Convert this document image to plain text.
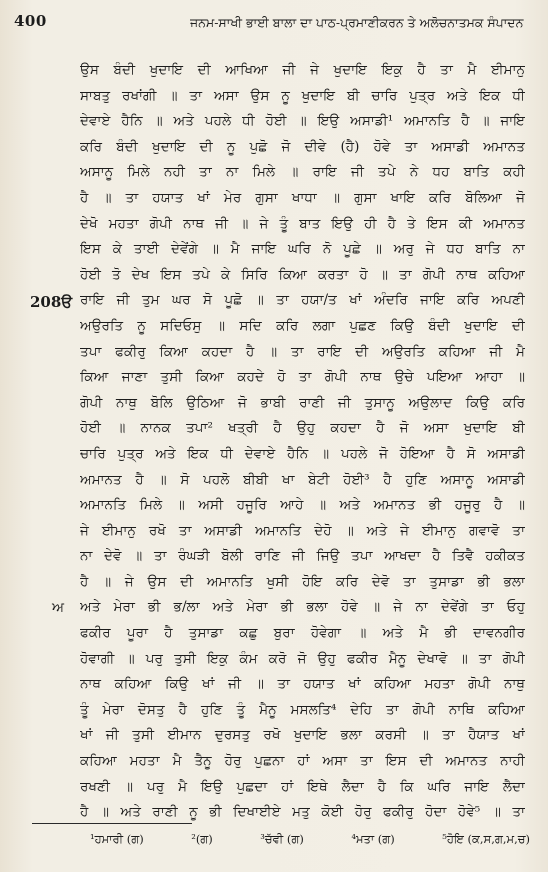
400	ਜਨਮ-ਸਾਖੀ ਭਾਈ ਬਾਲਾ ਦਾ ਪਾਠ-ਪ੍ਰਮਾਣੀਕਰਨ ਤੇ ਅਲੋਚਨਾਤਮਕ ਸੰਪਾਦਨ
208ੳ
ਅ
ਉਸ ਬੰਦੀ ਖੁਦਾਇ ਦੀ ਆਖਿਆ ਜੀ ਜੇ ਖੁਦਾਇ ਇਕੁ ਹੈ ਤਾ ਮੈ ਈਮਾਨੁ
ਸਾਬਤੁ ਰਖਾਂਗੀ ॥ ਤਾ ਅਸਾ ਉਸ ਨੂ ਖੁਦਾਇ ਬੀ ਚਾਰਿ ਪੁਤ੍ਰ ਅਤੇ ਇਕ ਧੀ
ਦੇਵਾਏ ਹੈਨਿ ॥ ਅਤੇ ਪਹਲੇ ਧੀ ਹੋਈ ॥ ਇਉ ਅਸਾਡੀ¹ ਅਮਾਨਤਿ ਹੈ ॥ ਜਾਇ
ਕਰਿ ਬੰਦੀ ਖੁਦਾਇ ਦੀ ਨੂ ਪੁਛੋ ਜੋ ਦੀਵੇ (ਹੈ) ਹੋਵੇ ਤਾ ਅਸਾਡੀ ਅਮਾਨਤ
ਅਸਾਨੂ ਮਿਲੇ ਨਹੀ ਤਾ ਨਾ ਮਿਲੇ ॥ ਰਾਇ ਜੀ ਤਪੇ ਨੇ ਧਹ ਬਾਤਿ ਕਹੀ
ਹੈ ॥ ਤਾ ਹਯਾਤ ਖਾਂ ਮੇਰ ਗੁਸਾ ਖਾਧਾ ॥ ਗੁਸਾ ਖਾਇ ਕਰਿ ਬੋਲਿਆ ਜੋ
ਦੇਖੋ ਮਹਤਾ ਗੋਪੀ ਨਾਥ ਜੀ ॥ ਜੇ ਤੂੰ ਬਾਤ ਇਉ ਹੀ ਹੈ ਤੇ ਇਸ ਕੀ ਅਮਾਨਤ
ਇਸ ਕੇ ਤਾਈ ਦੇਵੇਂਗੇ ॥ ਮੈ ਜਾਇ ਘਰਿ ਨੋ ਪੂਛੇ ॥ ਅਰੁ ਜੇ ਧਹ ਬਾਤਿ ਨਾ
ਹੋਈ ਤੋ ਦੇਖ ਇਸ ਤਪੇ ਕੇ ਸਿਰਿ ਕਿਆ ਕਰਤਾ ਹੋ ॥ ਤਾ ਗੋਪੀ ਨਾਥ ਕਹਿਆ
ਰਾਇ ਜੀ ਤੁਮ ਘਰ ਸੋ ਪੂਛੋ ॥ ਤਾ ਹਯਾ/ਤ ਖਾਂ ਅੰਦਰਿ ਜਾਇ ਕਰਿ ਅਪਣੀ
ਅਉਰਤਿ ਨੂ ਸਦਿਓਸੁ ॥ ਸਦਿ ਕਰਿ ਲਗਾ ਪੁਛਣ ਕਿਉ ਬੰਦੀ ਖੁਦਾਇ ਦੀ
ਤਪਾ ਫਕੀਰੁ ਕਿਆ ਕਹਦਾ ਹੈ ॥ ਤਾ ਰਾਇ ਦੀ ਅਉਰਤਿ ਕਹਿਆ ਜੀ ਮੈ
ਕਿਆ ਜਾਣਾ ਤੁਸੀ ਕਿਆ ਕਹਦੇ ਹੋ ਤਾ ਗੋਪੀ ਨਾਥ ਉਚੇ ਪਇਆ ਆਹਾ ॥
ਗੋਪੀ ਨਾਥੁ ਬੋਲਿ ਉਠਿਆ ਜੋ ਭਾਬੀ ਰਾਣੀ ਜੀ ਤੁਸਾਨੂ ਅਉਲਾਦ ਕਿਉ ਕਰਿ
ਹੋਈ ॥ ਨਾਨਕ ਤਪਾ² ਖਤ੍ਰੀ ਹੈ ਉਹੁ ਕਹਦਾ ਹੈ ਜੋ ਅਸਾ ਖੁਦਾਇ ਬੀ
ਚਾਰਿ ਪੁਤ੍ਰ ਅਤੇ ਇਕ ਧੀ ਦੇਵਾਏ ਹੈਨਿ ॥ ਪਹਲੇ ਜੋ ਹੋਇਆ ਹੈ ਸੋ ਅਸਾਡੀ
ਅਮਾਨਤ ਹੈ ॥ ਸੋ ਪਹਲੋ ਬੀਬੀ ਖਾ ਬੇਟੀ ਹੋਈ³ ਹੈ ਹੁਣਿ ਅਸਾਨੂ ਅਸਾਡੀ
ਅਮਾਨਤਿ ਮਿਲੇ ॥ ਅਸੀ ਹਜੂਰਿ ਆਹੇ ॥ ਅਤੇ ਅਮਾਨਤ ਭੀ ਹਜੂਰੁ ਹੈ ॥
ਜੇ ਈਮਾਨੁ ਰਖੋ ਤਾ ਅਸਾਡੀ ਅਮਾਨਤਿ ਦੇਹੋ ॥ ਅਤੇ ਜੇ ਈਮਾਨੁ ਗਵਾਵੋ ਤਾ
ਨਾ ਦੇਵੋ ॥ ਤਾ ਰੰਘੜੀ ਬੋਲੀ ਰਾਣਿ ਜੀ ਜਿਉ ਤਪਾ ਆਖਦਾ ਹੈ ਤਿਵੈ ਹਕੀਕਤ
ਹੈ ॥ ਜੇ ਉਸ ਦੀ ਅਮਾਨਤਿ ਖੁਸੀ ਹੋਇ ਕਰਿ ਦੇਵੋ ਤਾ ਤੁਸਾਡਾ ਭੀ ਭਲਾ
ਅਤੇ ਮੇਰਾ ਭੀ ਭ/ਲਾ ਅਤੇ ਮੇਰਾ ਭੀ ਭਲਾ ਹੋਵੇ ॥ ਜੇ ਨਾ ਦੇਵੇਂਗੇ ਤਾ ਓਹੁ
ਫਕੀਰ ਪੂਰਾ ਹੈ ਤੁਸਾਡਾ ਕਛੁ ਬੁਰਾ ਹੋਵੇਗਾ ॥ ਅਤੇ ਮੈ ਭੀ ਦਾਵਨਗੀਰ
ਹੋਵਾਗੀ ॥ ਪਰੁ ਤੁਸੀ ਇਕੁ ਕੰਮ ਕਰੋ ਜੋ ਉਹੁ ਫਕੀਰ ਮੈਨੂ ਦੇਖਾਵੋ ॥ ਤਾ ਗੋਪੀ
ਨਾਥ ਕਹਿਆ ਕਿਉ ਖਾਂ ਜੀ ॥ ਤਾ ਹਯਾਤ ਖਾਂ ਕਹਿਆ ਮਹਤਾ ਗੋਪੀ ਨਾਥੁ
ਤੂੰ ਮੇਰਾ ਦੋਸਤੁ ਹੈ ਹੁਣਿ ਤੂੰ ਮੈਨੂ ਮਸਲਤਿ⁴ ਦੇਹਿ ਤਾ ਗੋਪੀ ਨਾਥਿ ਕਹਿਆ
ਖਾਂ ਜੀ ਤੁਸੀ ਈਮਾਨ ਦੁਰਸਤੁ ਰਖੋ ਖੁਦਾਇ ਭਲਾ ਕਰਸੀ ॥ ਤਾ ਹੈਯਾਤ ਖਾਂ
ਕਹਿਆ ਮਹਤਾ ਮੈ ਤੈਨੂ ਹੋਰੁ ਪੁਛਨਾ ਹਾਂ ਅਸਾ ਤਾ ਇਸ ਦੀ ਅਮਾਨਤ ਨਾਹੀ
ਰਖਣੀ ॥ ਪਰੁ ਮੈ ਇਉ ਪੁਛਦਾ ਹਾਂ ਇਥੇ ਲੈਦਾ ਹੈ ਕਿ ਘਰਿ ਜਾਇ ਲੈਦਾ
ਹੈ ॥ ਅਤੇ ਰਾਣੀ ਨੂ ਭੀ ਦਿਖਾਈਏ ਮਤੁ ਕੋਈ ਹੋਰੁ ਫਕੀਰੁ ਹੋਦਾ ਹੋਵੇ⁵ ॥ ਤਾ
¹ਹਮਾਰੀ (ਗ)	²(ਗ)	³ਚੱਵੀ (ਗ)	⁴ਮਤਾ (ਗ)	⁵ਹੋਇ (ਕ,ਸ,ਗ,ਮ,ਚ)
